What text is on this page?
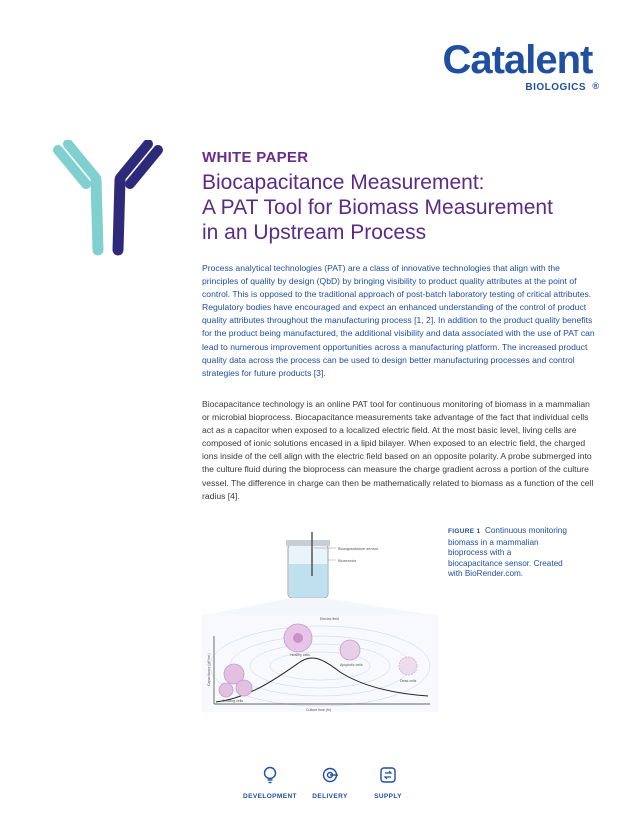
Catalent®
BIOLOGICS
WHITE PAPER
Biocapacitance Measurement:
A PAT Tool for Biomass Measurement
in an Upstream Process
Process analytical technologies (PAT) are a class of innovative technologies that align with the principles of quality by design (QbD) by bringing visibility to product quality attributes at the point of control. This is opposed to the traditional approach of post-batch laboratory testing of critical attributes. Regulatory bodies have encouraged and expect an enhanced understanding of the control of product quality attributes throughout the manufacturing process [1, 2]. In addition to the product quality benefits for the product being manufactured, the additional visibility and data associated with the use of PAT can lead to numerous improvement opportunities across a manufacturing platform. The increased product quality data across the process can be used to design better manufacturing processes and control strategies for future products [3].
Biocapacitance technology is an online PAT tool for continuous monitoring of biomass in a mammalian or microbial bioprocess. Biocapacitance measurements take advantage of the fact that individual cells act as a capacitor when exposed to a localized electric field. At the most basic level, living cells are composed of ionic solutions encased in a lipid bilayer. When exposed to an electric field, the charged ions inside of the cell align with the electric field based on an opposite polarity. A probe submerged into the culture fluid during the bioprocess can measure the charge gradient across a portion of the culture vessel. The difference in charge can then be mathematically related to biomass as a function of the cell radius [4].
Biocapacitance sensor
Bioreactor
Electric field
Healthy cells
Apoptotic cells
Growing cells
Dead cells
Culture time (hr)
Capacitance (pF/cm)
FIGURE 1 Continuous monitoring biomass in a mammalian bioprocess with a biocapacitance sensor. Created with BioRender.com.
DEVELOPMENT	DELIVERY	SUPPLY
